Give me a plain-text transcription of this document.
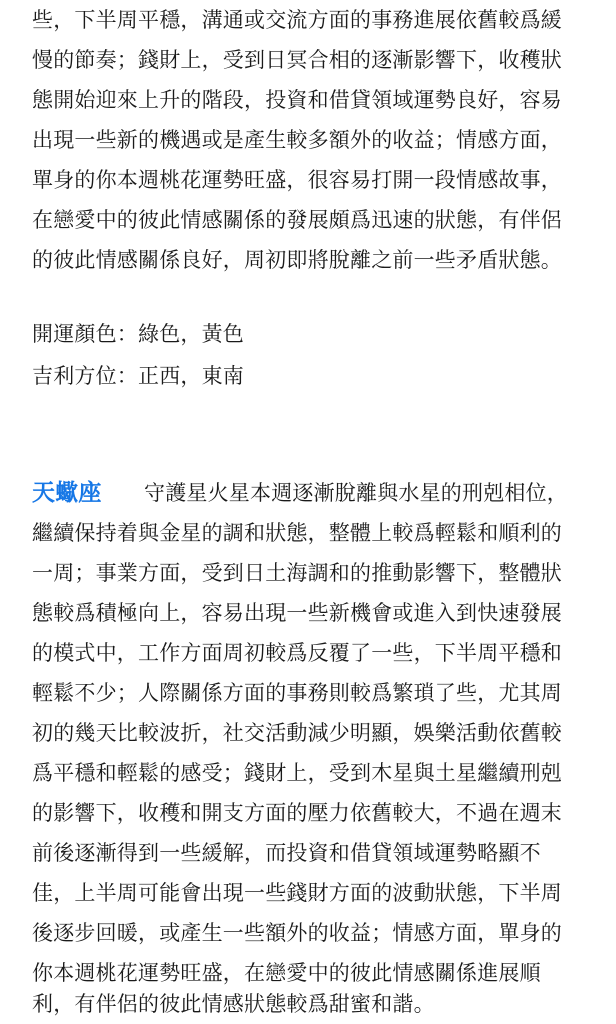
些，下半周平穩，溝通或交流方面的事務進展依舊較爲緩
慢的節奏；錢財上，受到日冥合相的逐漸影響下，收穫狀
態開始迎來上升的階段，投資和借貸領域運勢良好，容易
出現一些新的機遇或是產生較多額外的收益；情感方面，
單身的你本週桃花運勢旺盛，很容易打開一段情感故事，
在戀愛中的彼此情感關係的發展頗爲迅速的狀態，有伴侶
的彼此情感關係良好，周初即將脫離之前一些矛盾狀態。
開運顏色：綠色，黃色
吉利方位：正西，東南
天蠍座 守護星火星本週逐漸脫離與水星的刑剋相位，
繼續保持着與金星的調和狀態，整體上較爲輕鬆和順利的
一周；事業方面，受到日土海調和的推動影響下，整體狀
態較爲積極向上，容易出現一些新機會或進入到快速發展
的模式中，工作方面周初較爲反覆了一些，下半周平穩和
輕鬆不少；人際關係方面的事務則較爲繁瑣了些，尤其周
初的幾天比較波折，社交活動減少明顯，娛樂活動依舊較
爲平穩和輕鬆的感受；錢財上，受到木星與土星繼續刑剋
的影響下，收穫和開支方面的壓力依舊較大，不過在週末
前後逐漸得到一些緩解，而投資和借貸領域運勢略顯不
佳，上半周可能會出現一些錢財方面的波動狀態，下半周
後逐步回暖，或產生一些額外的收益；情感方面，單身的
你本週桃花運勢旺盛，在戀愛中的彼此情感關係進展順
利，有伴侶的彼此情感狀態較爲甜蜜和諧。
